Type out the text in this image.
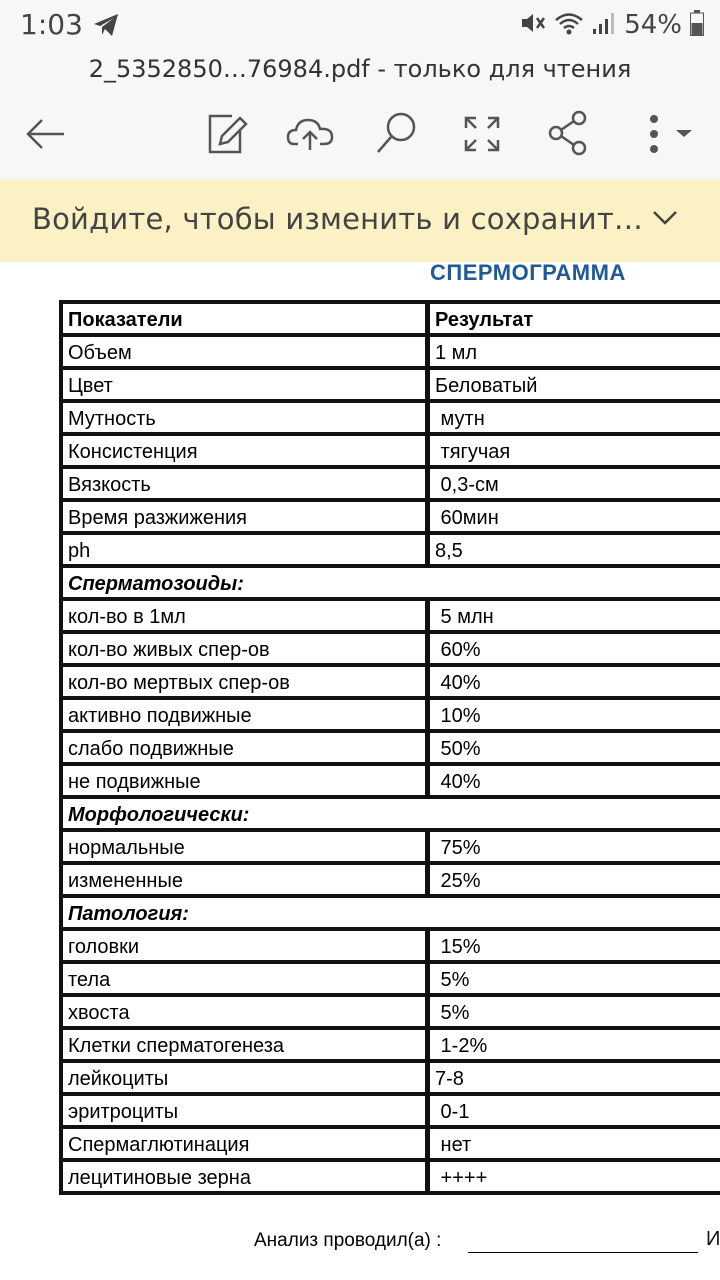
1:03	54%
2_5352850…76984.pdf - только для чтения
Войдите, чтобы изменить и сохранит…
СПЕРМОГРАММА
Показатели	Результат
Объем	1 мл
Цвет	Беловатый
Мутность	мутн
Консистенция	тягучая
Вязкость	0,3-см
Время разжижения	60мин
ph	8,5
Сперматозоиды:	
кол-во в 1мл	5 млн
кол-во живых спер-ов	60%
кол-во мертвых спер-ов	40%
активно подвижные	10%
слабо подвижные	50%
не подвижные	40%
Морфологически:	
нормальные	75%
измененные	25%
Патология:	
головки	15%
тела	5%
хвоста	5%
Клетки сперматогенеза	1-2%
лейкоциты	7-8
эритроциты	0-1
Спермаглютинация	нет
лецитиновые зерна	++++
Анализ проводил(а) :	И
